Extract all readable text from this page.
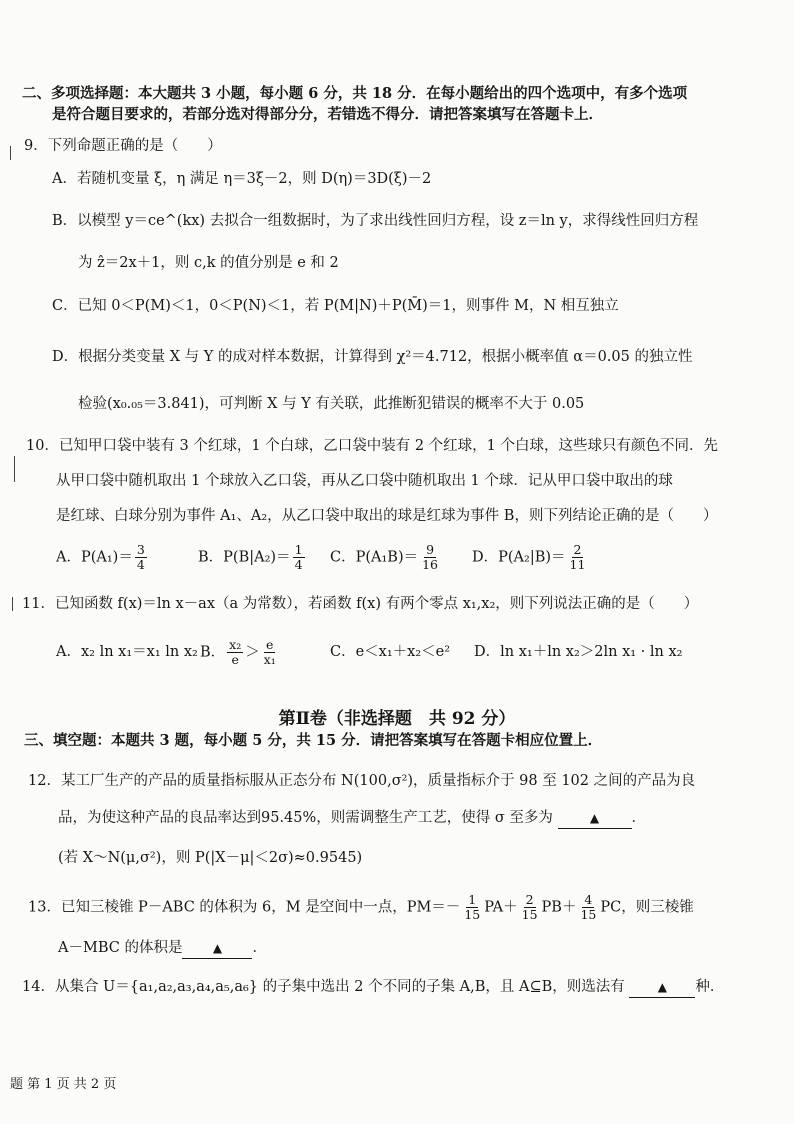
二、多项选择题：本大题共 3 小题，每小题 6 分，共 18 分．在每小题给出的四个选项中，有多个选项
是符合题目要求的，若部分选对得部分分，若错选不得分．请把答案填写在答题卡上．
9．下列命题正确的是（　　）
A．若随机变量 ξ，η 满足 η＝3ξ－2，则 D(η)＝3D(ξ)－2
B．以模型 y＝ce^(kx) 去拟合一组数据时，为了求出线性回归方程，设 z＝ln y，求得线性回归方程
为 ẑ＝2x＋1，则 c,k 的值分别是 e 和 2
C．已知 0＜P(M)＜1，0＜P(N)＜1，若 P(M|N)＋P(M̄)＝1，则事件 M，N 相互独立
D．根据分类变量 X 与 Y 的成对样本数据，计算得到 χ²＝4.712，根据小概率值 α＝0.05 的独立性
检验(x₀.₀₅＝3.841)，可判断 X 与 Y 有关联，此推断犯错误的概率不大于 0.05
10．已知甲口袋中装有 3 个红球，1 个白球，乙口袋中装有 2 个红球，1 个白球，这些球只有颜色不同．先
从甲口袋中随机取出 1 个球放入乙口袋，再从乙口袋中随机取出 1 个球．记从甲口袋中取出的球
是红球、白球分别为事件 A₁、A₂，从乙口袋中取出的球是红球为事件 B，则下列结论正确的是（　　）
A．$P(A_1)= \frac{3}{4}$	B．$P(B|A_2)= \frac{1}{4}$ C．$P(A_1B)= \frac{9}{16}$ D．$P(A_2|B)= \frac{2}{11}$
11．已知函数 f(x)＝ln x－ax（a 为常数），若函数 f(x) 有两个零点 x₁,x₂，则下列说法正确的是（　　）
A．x₂ ln x₁＝x₁ ln x₂ B． $\frac{\text{x₂}}{e} > \frac{e}{\text{x₁}}$	C．e＜x₁＋x₂＜e² D．ln x₁＋ln x₂＞2ln x₁ · ln x₂
第Ⅱ卷（非选择题　共 92 分）
三、填空题：本题共 3 题，每小题 5 分，共 15 分．请把答案填写在答题卡相应位置上．
12．某工厂生产的产品的质量指标服从正态分布 N(100,σ²)，质量指标介于 98 至 102 之间的产品为良
品，为使这种产品的良品率达到95.45%，则需调整生产工艺，使得 σ 至多为	▲ ．
(若 X～N(μ,σ²)，则 P(|X－μ|＜2σ)≈0.9545)
13．已知三棱锥 P－ABC 的体积为 6，M 是空间中一点，$PM=- \frac{1}{15} PA+ \frac{2}{15} PB+ \frac{4}{15}$ PC，则三棱锥
A－MBC 的体积是	▲ ．
14．从集合 U＝{a₁,a₂,a₃,a₄,a₅,a₆} 的子集中选出 2 个不同的子集 A,B，且 A⊆B，则选法有	▲ 种．
题 第 1 页 共 2 页
